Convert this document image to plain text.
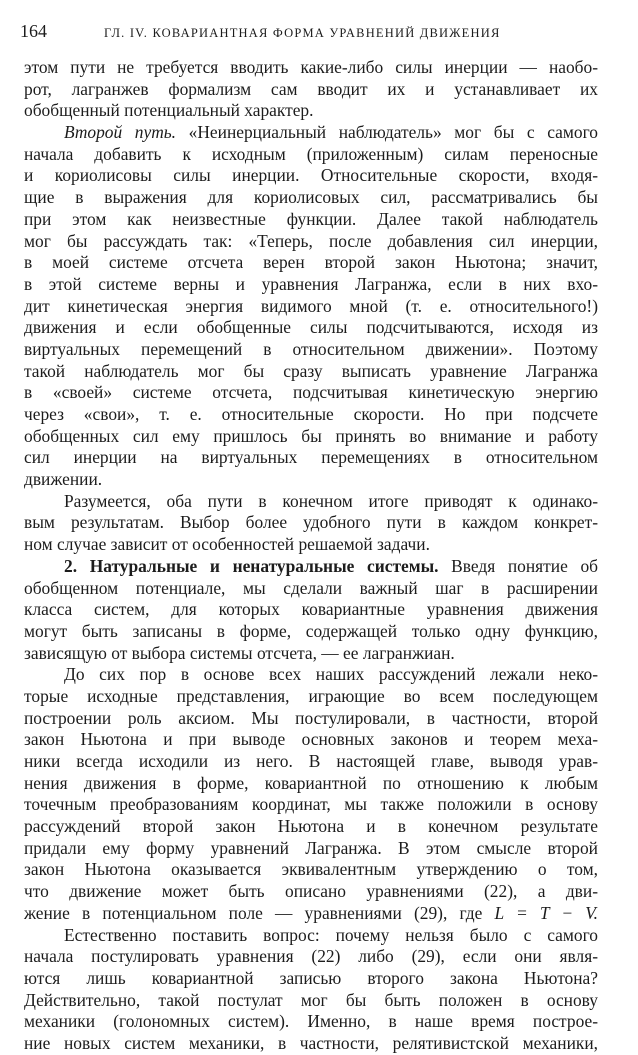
164	ГЛ. IV. КОВАРИАНТНАЯ ФОРМА УРАВНЕНИЙ ДВИЖЕНИЯ
этом пути не требуется вводить какие-либо силы инерции — наобо-
рот, лагранжев формализм сам вводит их и устанавливает их
обобщенный потенциальный характер.
Второй путь. «Неинерциальный наблюдатель» мог бы с самого
начала добавить к исходным (приложенным) силам переносные
и кориолисовы силы инерции. Относительные скорости, входя-
щие в выражения для кориолисовых сил, рассматривались бы
при этом как неизвестные функции. Далее такой наблюдатель
мог бы рассуждать так: «Теперь, после добавления сил инерции,
в моей системе отсчета верен второй закон Ньютона; значит,
в этой системе верны и уравнения Лагранжа, если в них вхо-
дит кинетическая энергия видимого мной (т. е. относительного!)
движения и если обобщенные силы подсчитываются, исходя из
виртуальных перемещений в относительном движении». Поэтому
такой наблюдатель мог бы сразу выписать уравнение Лагранжа
в «своей» системе отсчета, подсчитывая кинетическую энергию
через «свои», т. е. относительные скорости. Но при подсчете
обобщенных сил ему пришлось бы принять во внимание и работу
сил инерции на виртуальных перемещениях в относительном
движении.
Разумеется, оба пути в конечном итоге приводят к одинако-
вым результатам. Выбор более удобного пути в каждом конкрет-
ном случае зависит от особенностей решаемой задачи.
2. Натуральные и ненатуральные системы. Введя понятие об
обобщенном потенциале, мы сделали важный шаг в расширении
класса систем, для которых ковариантные уравнения движения
могут быть записаны в форме, содержащей только одну функцию,
зависящую от выбора системы отсчета, — ее лагранжиан.
До сих пор в основе всех наших рассуждений лежали неко-
торые исходные представления, играющие во всем последующем
построении роль аксиом. Мы постулировали, в частности, второй
закон Ньютона и при выводе основных законов и теорем меха-
ники всегда исходили из него. В настоящей главе, выводя урав-
нения движения в форме, ковариантной по отношению к любым
точечным преобразованиям координат, мы также положили в основу
рассуждений второй закон Ньютона и в конечном результате
придали ему форму уравнений Лагранжа. В этом смысле второй
закон Ньютона оказывается эквивалентным утверждению о том,
что движение может быть описано уравнениями (22), а дви-
жение в потенциальном поле — уравнениями (29), где L = T − V.
Естественно поставить вопрос: почему нельзя было с самого
начала постулировать уравнения (22) либо (29), если они явля-
ются лишь ковариантной записью второго закона Ньютона?
Действительно, такой постулат мог бы быть положен в основу
механики (голономных систем). Именно, в наше время построе-
ние новых систем механики, в частности, релятивистской механики,
